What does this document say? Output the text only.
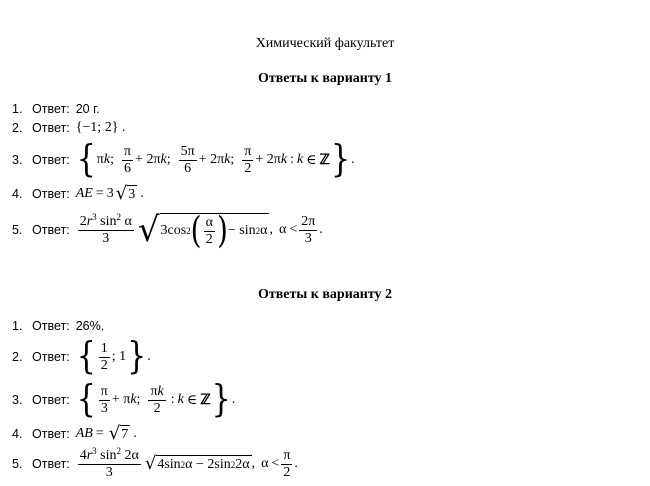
Химический факультет
Ответы к варианту 1
1. Ответ: 20 г.
2. Ответ: {−1; 2} .
3. Ответ: { π k ; $\frac{\pi}{6} + 2\pi$ k ; $\frac{5\pi}{6} + 2\pi$ k ; $\frac{\pi}{2} + 2\pi$ k : k ∈ ℤ } .
4. Ответ: AE = 3 √ 3 .
5. Ответ: $\frac{2r^3 \sin^2 \alpha}{3}$ √ 3cos 2 ( $\frac{\alpha}{2}$ ) − sin 2 α , $\alpha < \frac{2\pi}{3}$ .
Ответы к варианту 2
1. Ответ: 26%.
2. Ответ: { $\frac{1}{2}$ ; 1 } .
3. Ответ: { $\frac{\pi}{3} + \pi$ k ; $\frac{\pi k}{2}$ : k ∈ ℤ } .
4. Ответ: AB = √ 7 .
5. Ответ: $\frac{4r^3 \sin^2 2\alpha}{3}$ √ 4sin 2 α − 2sin 2 2α , $\alpha < \frac{\pi}{2}$ .
